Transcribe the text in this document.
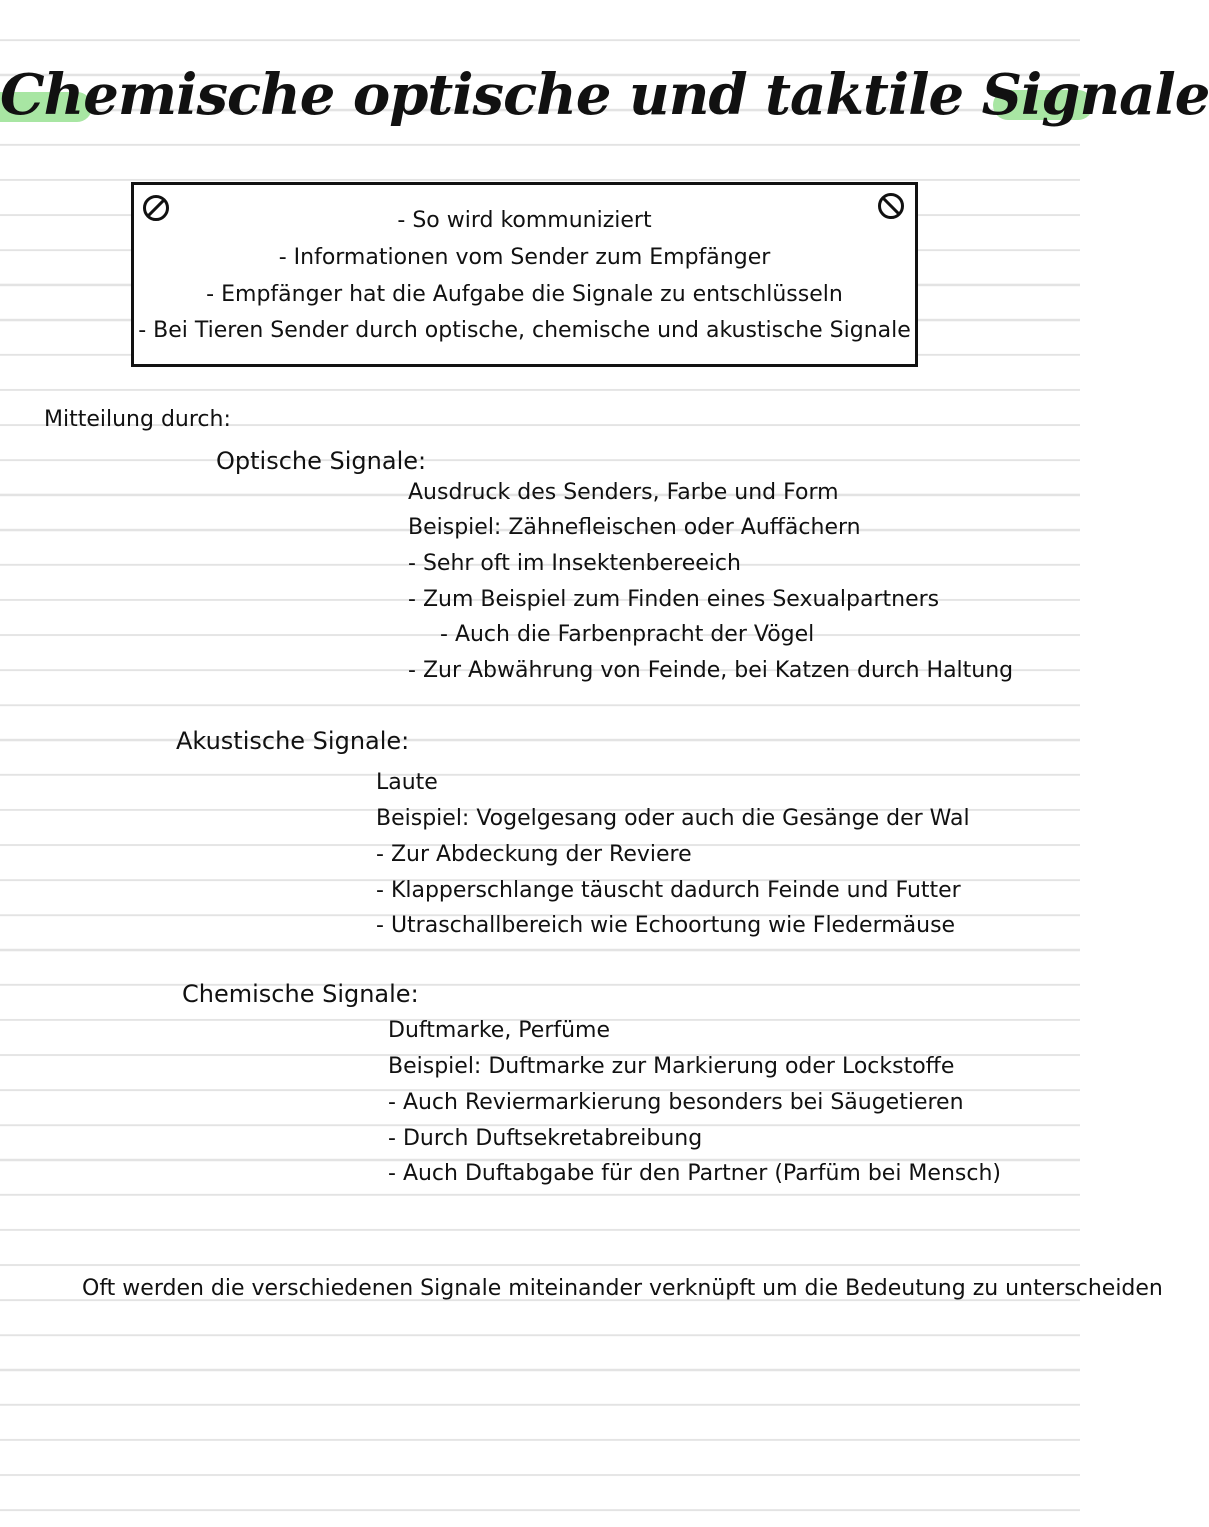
Chemische optische und taktile Signale

- So wird kommuniziert

- Informationen vom Sender zum Empfänger

- Empfänger hat die Aufgabe die Signale zu entschlüsseln

- Bei Tieren Sender durch optische, chemische und akustische Signale

Mitteilung durch:

Optische Signale:

Ausdruck des Senders, Farbe und Form

Beispiel: Zähnefleischen oder Auffächern

- Sehr oft im Insektenbereeich

- Zum Beispiel zum Finden eines Sexualpartners

- Auch die Farbenpracht der Vögel

- Zur Abwährung von Feinde, bei Katzen durch Haltung

Akustische Signale:

Laute

Beispiel: Vogelgesang oder auch die Gesänge der Wal

- Zur Abdeckung der Reviere

- Klapperschlange täuscht dadurch Feinde und Futter

- Utraschallbereich wie Echoortung wie Fledermäuse

Chemische Signale:

Duftmarke, Perfüme

Beispiel: Duftmarke zur Markierung oder Lockstoffe

- Auch Reviermarkierung besonders bei Säugetieren

- Durch Duftsekretabreibung

- Auch Duftabgabe für den Partner (Parfüm bei Mensch)

Oft werden die verschiedenen Signale miteinander verknüpft um die Bedeutung zu unterscheiden
